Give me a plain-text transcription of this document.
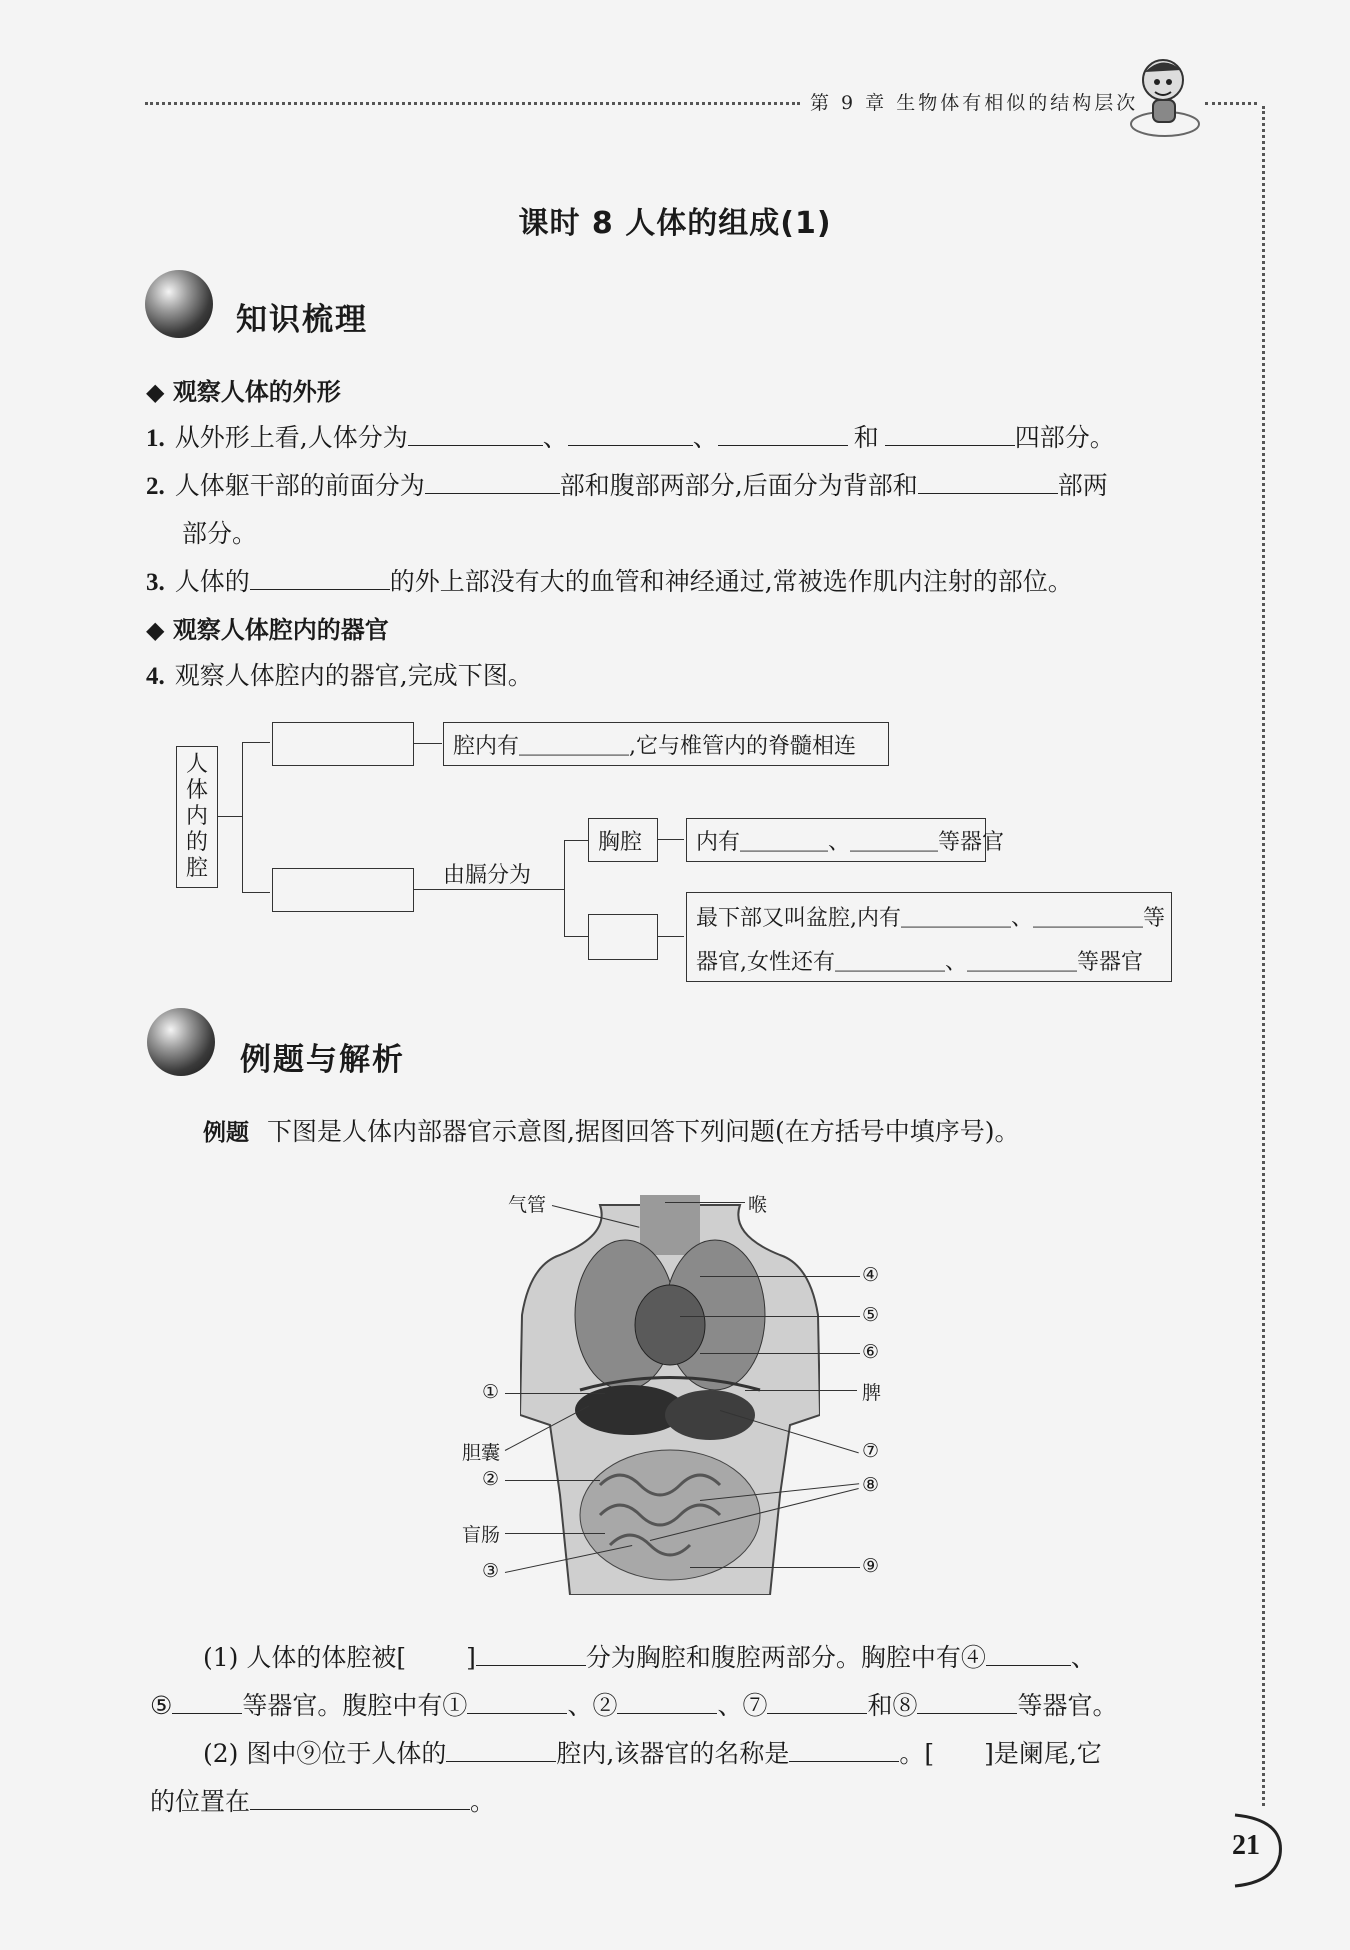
第 9 章 生物体有相似的结构层次
课时 8 人体的组成(1)
知识梳理
◆ 观察人体的外形
1. 从外形上看,人体分为	、	、	和	四部分。
2. 人体躯干部的前面分为	部和腹部两部分,后面分为背部和	部两
部分。
3. 人体的	的外上部没有大的血管和神经通过,常被选作肌内注射的部位。
◆ 观察人体腔内的器官
4. 观察人体腔内的器官,完成下图。
人
体
内
的
腔
腔内有＿＿＿＿＿,它与椎管内的脊髓相连
由膈分为
胸腔 内有＿＿＿＿、＿＿＿＿等器官
最下部又叫盆腔,内有＿＿＿＿＿、＿＿＿＿＿等
器官,女性还有＿＿＿＿＿、＿＿＿＿＿等器官
例题与解析
例题 下图是人体内部器官示意图,据图回答下列问题(在方括号中填序号)。
气管	喉
④
⑤
⑥
①	脾
胆囊	⑦
②	⑧
盲肠
③	⑨
(1) 人体的体腔被[ ]	分为胸腔和腹腔两部分。胸腔中有④	、
⑤	等器官。腹腔中有①	、②	、⑦	和⑧	等器官。
(2) 图中⑨位于人体的	腔内,该器官的名称是	。[ ]是阑尾,它
的位置在	。
21
